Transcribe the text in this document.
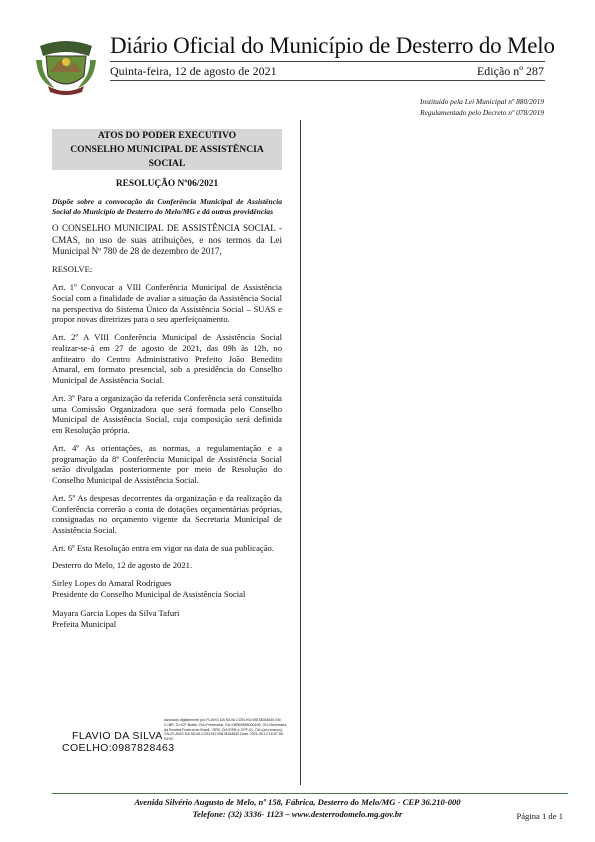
Diário Oficial do Município de Desterro do Melo
Quinta-feira, 12 de agosto de 2021	Edição nº 287
Instituído pela Lei Municipal nº 880/2019
Regulamentado pelo Decreto nº 078/2019
ATOS DO PODER EXECUTIVO
CONSELHO MUNICIPAL DE ASSISTÊNCIA SOCIAL
RESOLUÇÃO Nº06/2021
Dispõe sobre a convocação da Conferência Municipal de Assistência Social do Município de Desterro do Melo/MG e dá outras providências

O CONSELHO MUNICIPAL DE ASSISTÊNCIA SOCIAL - CMAS, no uso de suas atribuições, e nos termos da Lei Municipal Nº 780 de 28 de dezembro de 2017,

RESOLVE:

Art. 1º Convocar a VIII Conferência Municipal de Assistência Social com a finalidade de avaliar a situação da Assistência Social na perspectiva do Sistema Único da Assistência Social – SUAS e propor novas diretrizes para o seu aperfeiçoamento.

Art. 2º A VIII Conferência Municipal de Assistência Social realizar-se-á em 27 de agosto de 2021, das 09h às 12h, no anfiteatro do Centro Administrativo Prefeito João Benedito Amaral, em formato presencial, sob a presidência do Conselho Municipal de Assistência Social.

Art. 3º Para a organização da referida Conferência será constituída uma Comissão Organizadora que será formada pelo Conselho Municipal de Assistência Social, cuja composição será definida em Resolução própria.

Art. 4º As orientações, as normas, a regulamentação e a programação da 8ª Conferência Municipal de Assistência Social serão divulgadas posteriormente por meio de Resolução do Conselho Municipal de Assistência Social.

Art. 5º As despesas decorrentes da organização e da realização da Conferência correrão a conta de dotações orçamentárias próprias, consignadas no orçamento vigente da Secretaria Municipal de Assistência Social.

Art. 6º Esta Resolução entra em vigor na data de sua publicação.

Desterro do Melo, 12 de agosto de 2021.

Sirley Lopes do Amaral Rodrigues

Presidente do Conselho Municipal de Assistência Social

Mayara Garcia Lopes da Silva Tafuri

Prefeita Municipal

FLAVIO DA SILVA
COELHO:0987828463
Assinado digitalmente por FLAVIO DA SILVA COELHO:09878284630 DN: C=BR, O=ICP-Brasil, OU=Presencial, OU=08969558000106, OU=Secretaria da Receita Federal do Brasil - RFB, OU=RFB e-CPF A1, OU=(em branco), CN=FLAVIO DA SILVA COELHO:09878284630 Data: 2021.08.12 16:57:06-03'00'
Avenida Silvério Augusto de Melo, nº 158, Fábrica, Desterro do Melo/MG - CEP 36.210-000
Telefone: (32) 3336- 1123 – www.desterrodomelo.mg.gov.br	Página 1 de 1
